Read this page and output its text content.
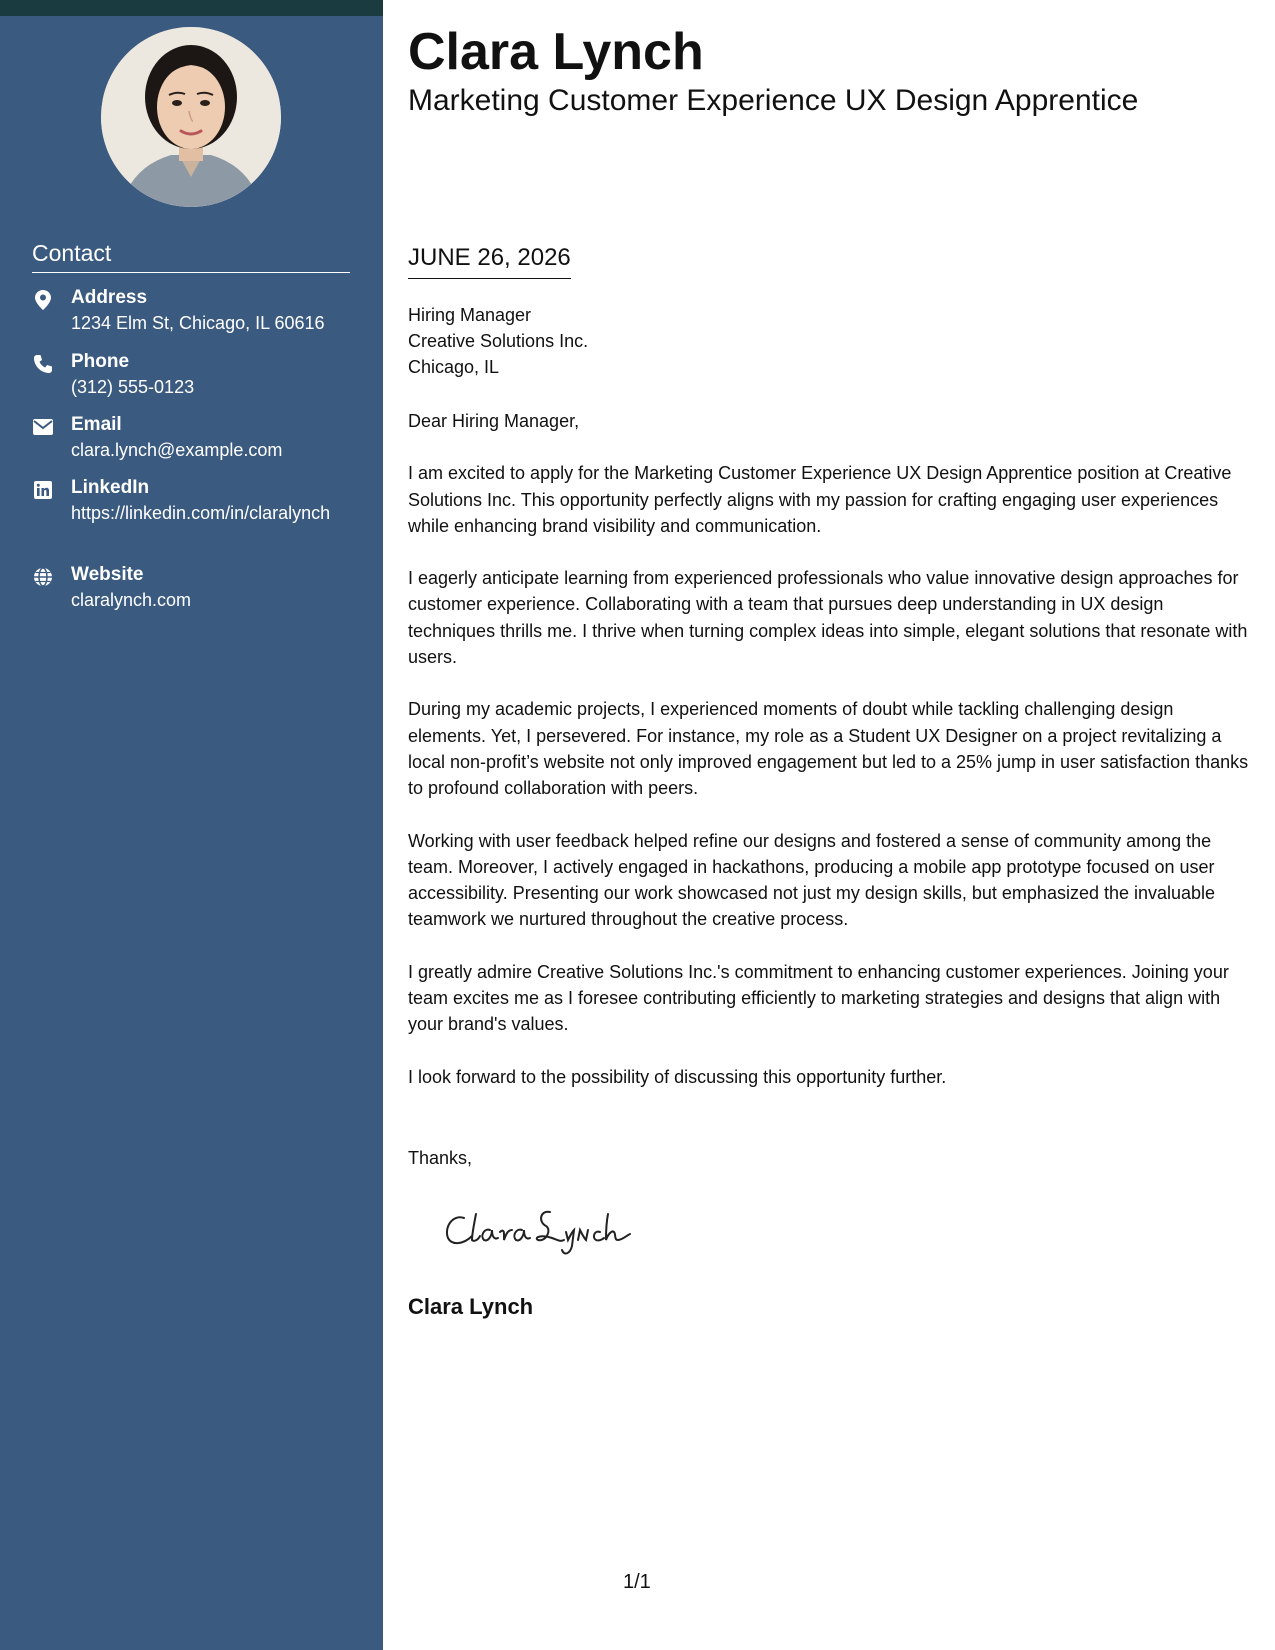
Contact
Address
1234 Elm St, Chicago, IL 60616
Phone
(312) 555-0123
Email
clara.lynch@example.com
LinkedIn
https://linkedin.com/in/claralynch
Website
claralynch.com
Clara Lynch
Marketing Customer Experience UX Design Apprentice
JUNE 26, 2026
Hiring Manager
Creative Solutions Inc.
Chicago, IL

Dear Hiring Manager,

I am excited to apply for the Marketing Customer Experience UX Design Apprentice position at Creative Solutions Inc. This opportunity perfectly aligns with my passion for crafting engaging user experiences while enhancing brand visibility and communication.

I eagerly anticipate learning from experienced professionals who value innovative design approaches for customer experience. Collaborating with a team that pursues deep understanding in UX design techniques thrills me. I thrive when turning complex ideas into simple, elegant solutions that resonate with users.

During my academic projects, I experienced moments of doubt while tackling challenging design elements. Yet, I persevered. For instance, my role as a Student UX Designer on a project revitalizing a local non-profit’s website not only improved engagement but led to a 25% jump in user satisfaction thanks to profound collaboration with peers.

Working with user feedback helped refine our designs and fostered a sense of community among the team. Moreover, I actively engaged in hackathons, producing a mobile app prototype focused on user accessibility. Presenting our work showcased not just my design skills, but emphasized the invaluable teamwork we nurtured throughout the creative process.

I greatly admire Creative Solutions Inc.'s commitment to enhancing customer experiences. Joining your team excites me as I foresee contributing efficiently to marketing strategies and designs that align with your brand's values.

I look forward to the possibility of discussing this opportunity further.

Thanks,
Clara Lynch
1/1
